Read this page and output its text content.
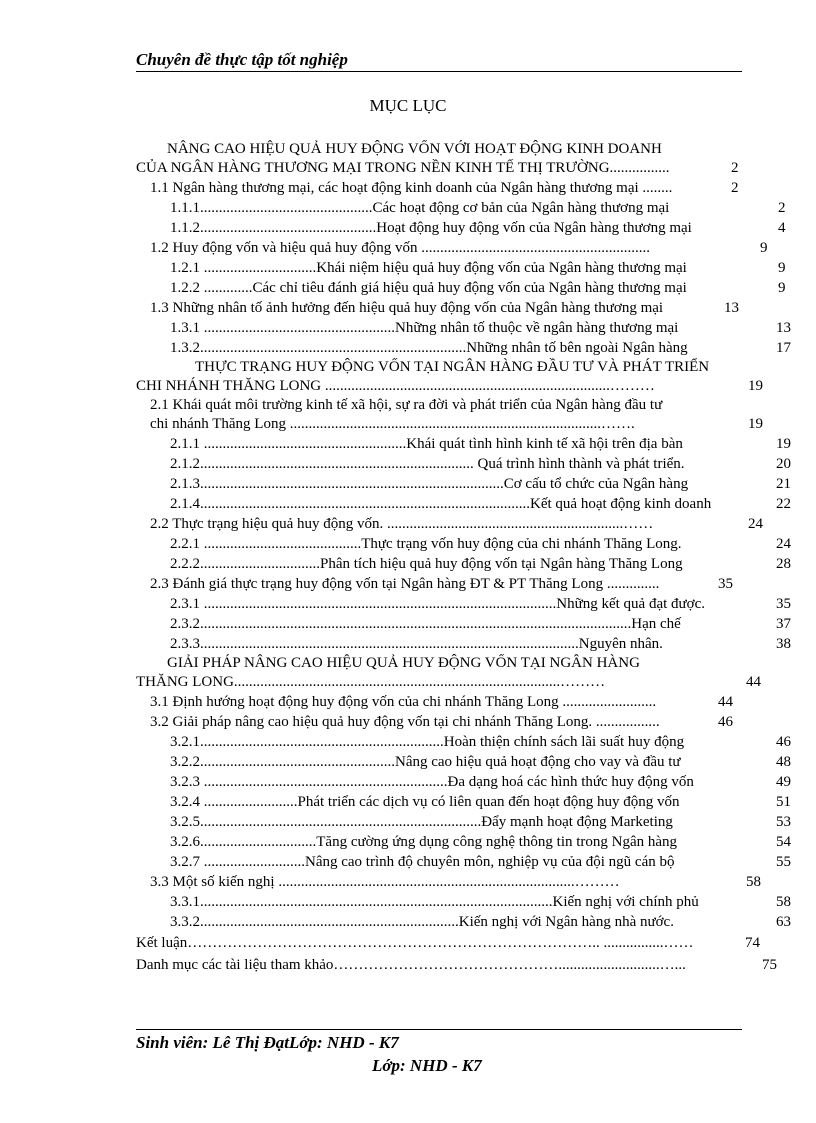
Chuyên đề thực tập tốt nghiệp
MỤC LỤC
NÂNG CAO HIỆU QUẢ HUY ĐỘNG VỐN VỚI HOẠT ĐỘNG KINH DOANH
CỦA NGÂN HÀNG THƯƠNG MẠI TRONG NỀN KINH TẾ THỊ TRƯỜNG................	2
1.1 Ngân hàng thương mại, các hoạt động kinh doanh của Ngân hàng thương mại ........	2
1.1.1..............................................Các hoạt động cơ bản của Ngân hàng thương mại	2
1.1.2...............................................Hoạt động huy động vốn của Ngân hàng thương mại	4
1.2 Huy động vốn và hiệu quả huy động vốn .............................................................	9
1.2.1 ..............................Khái niệm hiệu quả huy động vốn của Ngân hàng thương mại	9
1.2.2 .............Các chỉ tiêu đánh giá hiệu quả huy động vốn của Ngân hàng thương mại	9
1.3 Những nhân tố ảnh hưởng đến hiệu quả huy động vốn của Ngân hàng thương mại	13
1.3.1 ...................................................Những nhân tố thuộc về ngân hàng thương mại	13
1.3.2.......................................................................Những nhân tố bên ngoài Ngân hàng	17
THỰC TRẠNG HUY ĐỘNG VỐN TẠI NGÂN HÀNG ĐẦU TƯ VÀ PHÁT TRIỂN
CHI NHÁNH THĂNG LONG ............................................................................………	19
2.1 Khái quát môi trường kinh tế xã hội, sự ra đời và phát triển của Ngân hàng đầu tư
chi nhánh Thăng Long ...................................................................................…….	19
2.1.1 ......................................................Khái quát tình hình kinh tế xã hội trên địa bàn	19
2.1.2......................................................................... Quá trình hình thành và phát triển.	20
2.1.3.................................................................................Cơ cấu tổ chức của Ngân hàng	21
2.1.4........................................................................................Kết quả hoạt động kinh doanh	22
2.2 Thực trạng hiệu quả huy động vốn. ...............................................................……	24
2.2.1 ..........................................Thực trạng vốn huy động của chi nhánh Thăng Long.	24
2.2.2................................Phân tích hiệu quả huy động vốn tại Ngân hàng Thăng Long	28
2.3 Đánh giá thực trạng huy động vốn tại Ngân hàng ĐT & PT Thăng Long ..............	35
2.3.1 ..............................................................................................Những kết quả đạt được.	35
2.3.2...................................................................................................................Hạn chế	37
2.3.3.....................................................................................................Nguyên nhân.	38
GIẢI PHÁP NÂNG CAO HIỆU QUẢ HUY ĐỘNG VỐN TẠI NGÂN HÀNG
THĂNG LONG.......................................................................................………	44
3.1 Định hướng hoạt động huy động vốn của chi nhánh Thăng Long .........................	44
3.2 Giải pháp nâng cao hiệu quả huy động vốn tại chi nhánh Thăng Long. .................	46
3.2.1.................................................................Hoàn thiện chính sách lãi suất huy động	46
3.2.2....................................................Nâng cao hiệu quả hoạt động cho vay và đầu tư	48
3.2.3 .................................................................Đa dạng hoá các hình thức huy động vốn	49
3.2.4 .........................Phát triển các dịch vụ có liên quan đến hoạt động huy động vốn	51
3.2.5...........................................................................Đẩy mạnh hoạt động Marketing	53
3.2.6...............................Tăng cường ứng dụng công nghệ thông tin trong Ngân hàng	54
3.2.7 ...........................Nâng cao trình độ chuyên môn, nghiệp vụ của đội ngũ cán bộ	55
3.3 Một số kiến nghị ...............................................................................………	58
3.3.1..............................................................................................Kiến nghị với chính phủ	58
3.3.2.....................................................................Kiến nghị với Ngân hàng nhà nước.	63
Kết luận……………………………………………………………………….. ................……	74
Danh mục các tài liệu tham khảo………………………………………...........................…...	75
Sinh viên: Lê Thị ĐạtLớp: NHD - K7
Lớp: NHD - K7
